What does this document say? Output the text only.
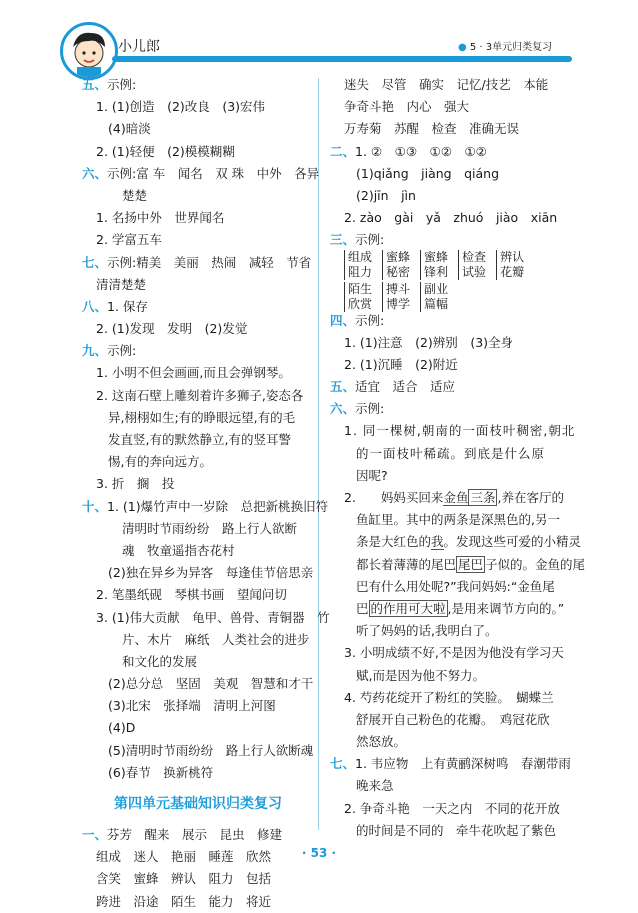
小儿郎	● 5 · 3单元归类复习
五、示例:
1. (1)创造　(2)改良　(3)宏伟
(4)暗淡
2. (1)轻便　(2)模模糊糊
六、示例:富 车　闻名　双 珠　中外　各异
楚楚
1. 名扬中外　世界闻名
2. 学富五车
七、示例:精美　美丽　热闹　减轻　节省
清清楚楚
八、1. 保存
2. (1)发现　发明　(2)发觉
九、示例:
1. 小明不但会画画,而且会弹钢琴。
2. 这南石壁上雕刻着许多狮子,姿态各
异,栩栩如生;有的睁眼远望,有的毛
发直竖,有的默然静立,有的竖耳警
惕,有的奔向远方。
3. 折　搁　投
十、1. (1)爆竹声中一岁除　总把新桃换旧符
清明时节雨纷纷　路上行人欲断
魂　牧童遥指杏花村
(2)独在异乡为异客　每逢佳节倍思亲
2. 笔墨纸砚　琴棋书画　望闻问切
3. (1)伟大贡献　龟甲、兽骨、青铜器　竹
片、木片　麻纸　人类社会的进步
和文化的发展
(2)总分总　坚固　美观　智慧和才干
(3)北宋　张择端　清明上河图
(4)D
(5)清明时节雨纷纷　路上行人欲断魂
(6)春节　换新桃符
第四单元基础知识归类复习
一、芬芳　醒来　展示　昆虫　修建
组成　迷人　艳丽　睡莲　欣然
含笑　蜜蜂　辨认　阻力　包括
跨进　沿途　陌生　能力　将近
迷失　尽管　确实　记忆/技艺　本能
争奇斗艳　内心　强大
万寿菊　苏醒　检查　准确无误
二、1. ②　①③　①②　①②
(1)qiǎng　jiàng　qiáng
(2)jīn　jìn
2. zào　gài　yǎ　zhuó　jiào　xiān
三、示例:
组成
阻力
蜜蜂
秘密
蜜蜂
锋利
检查
试验
辨认
花瓣
陌生
欣赏
搏斗
博学
副业
篇幅
四、示例:
1. (1)注意　(2)辨别　(3)全身
2. (1)沉睡　(2)附近
五、适宜　适合　适应
六、示例:
1. 同一棵树,朝南的一面枝叶稠密,朝北
的一面枝叶稀疏。到底是什么原
因呢?
2.　　妈妈买回来金鱼 三条 ,养在客厅的
鱼缸里。其中的两条是深黑色的,另一
条是大红色的我。发现这些可爱的小精灵
都长着薄薄的尾巴 尾巴 子似的。金鱼的尾
巴有什么用处呢?”我问妈妈:“金鱼尾
巴 的作用可大啦 ,是用来调节方向的。”
听了妈妈的话,我明白了。
3. 小明成绩不好,不是因为他没有学习天
赋,而是因为他不努力。
4. 芍药花绽开了粉红的笑脸。　蝴蝶兰
舒展开自己粉色的花瓣。　鸡冠花欣
然怒放。
七、1. 韦应物　上有黄鹂深树鸣　春潮带雨
晚来急
2. 争奇斗艳　一天之内　不同的花开放
的时间是不同的　牵牛花吹起了紫色
· 53 ·
